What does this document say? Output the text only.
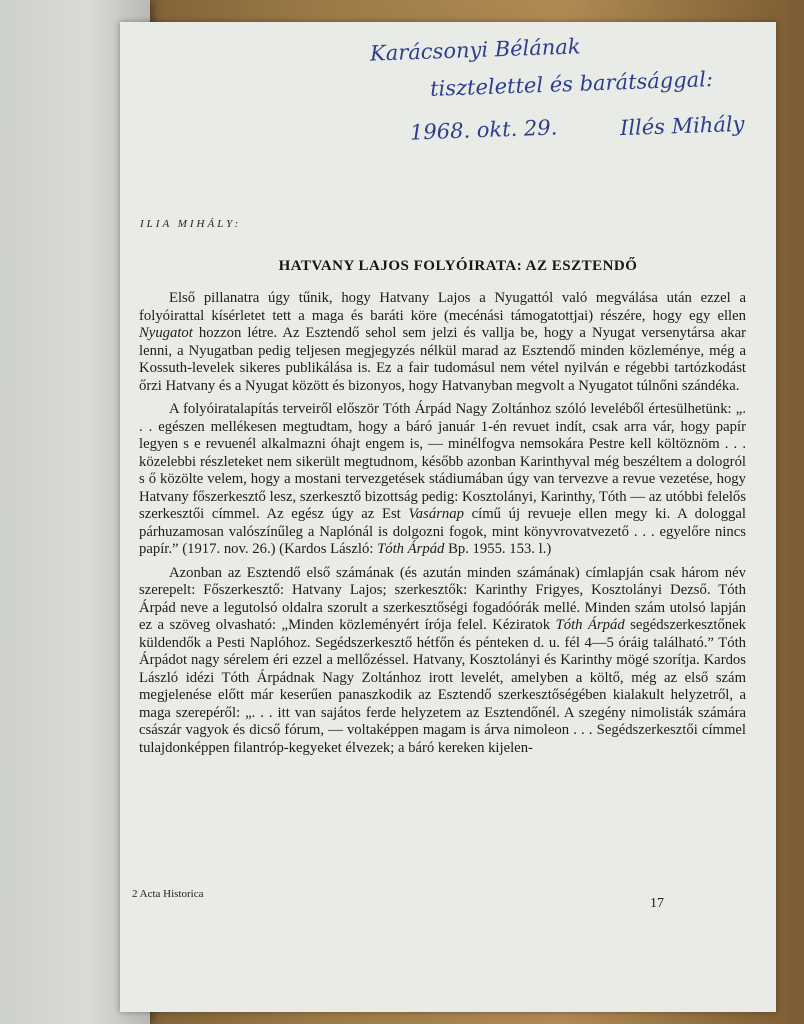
Karácsonyi Bélának
tisztelettel és barátsággal:
1968. okt. 29.	Illés Mihály
ILIA MIHÁLY:
HATVANY LAJOS FOLYÓIRATA: AZ ESZTENDŐ

Első pillanatra úgy tűnik, hogy Hatvany Lajos a Nyugattól való megválása után ezzel a folyóirattal kísérletet tett a maga és baráti köre (mecénási támogatottjai) részére, hogy egy ellen Nyugatot hozzon létre. Az Esztendő sehol sem jelzi és vallja be, hogy a Nyugat versenytársa akar lenni, a Nyugatban pedig teljesen megjegyzés nélkül marad az Esztendő minden közleménye, még a Kossuth-levelek sikeres publikálása is. Ez a fair tudomásul nem vétel nyilván e régebbi tartózkodást őrzi Hatvany és a Nyugat között és bizonyos, hogy Hatvanyban megvolt a Nyugatot túlnőni szándéka.

A folyóiratalapítás terveiről először Tóth Árpád Nagy Zoltánhoz szóló leveléből értesülhetünk: „. . . egészen mellékesen megtudtam, hogy a báró január 1-én revuet indít, csak arra vár, hogy papír legyen s e revuenél alkalmazni óhajt engem is, — minélfogva nemsokára Pestre kell költöznöm . . . közelebbi részleteket nem sikerült megtudnom, később azonban Karinthyval még beszéltem a dologról s ő közölte velem, hogy a mostani tervezgetések stádiumában úgy van tervezve a revue vezetése, hogy Hatvany főszerkesztő lesz, szerkesztő bizottság pedig: Kosztolányi, Karinthy, Tóth — az utóbbi felelős szerkesztői címmel. Az egész úgy az Est Vasárnap című új revueje ellen megy ki. A dologgal párhuzamosan valószínűleg a Naplónál is dolgozni fogok, mint könyvrovatvezető . . . egyelőre nincs papír.” (1917. nov. 26.) (Kardos László: Tóth Árpád Bp. 1955. 153. l.)

Azonban az Esztendő első számának (és azután minden számának) címlapján csak három név szerepelt: Főszerkesztő: Hatvany Lajos; szerkesztők: Karinthy Frigyes, Kosztolányi Dezső. Tóth Árpád neve a legutolsó oldalra szorult a szerkesztőségi fogadóórák mellé. Minden szám utolsó lapján ez a szöveg olvasható: „Minden közleményért írója felel. Kéziratok Tóth Árpád segédszerkesztőnek küldendők a Pesti Naplóhoz. Segédszerkesztő hétfőn és pénteken d. u. fél 4—5 óráig található.” Tóth Árpádot nagy sérelem éri ezzel a mellőzéssel. Hatvany, Kosztolányi és Karinthy mögé szorítja. Kardos László idézi Tóth Árpádnak Nagy Zoltánhoz irott levelét, amelyben a költő, még az első szám megjelenése előtt már keserűen panaszkodik az Esztendő szerkesztőségében kialakult helyzetről, a maga szerepéről: „. . . itt van sajátos ferde helyzetem az Esztendőnél. A szegény nimolisták számára császár vagyok és dicső fórum, — voltaképpen magam is árva nimoleon . . . Segédszerkesztői címmel tulajdonképpen filantróp-kegyeket élvezek; a báró kereken kijelen-

2 Acta Historica
17
